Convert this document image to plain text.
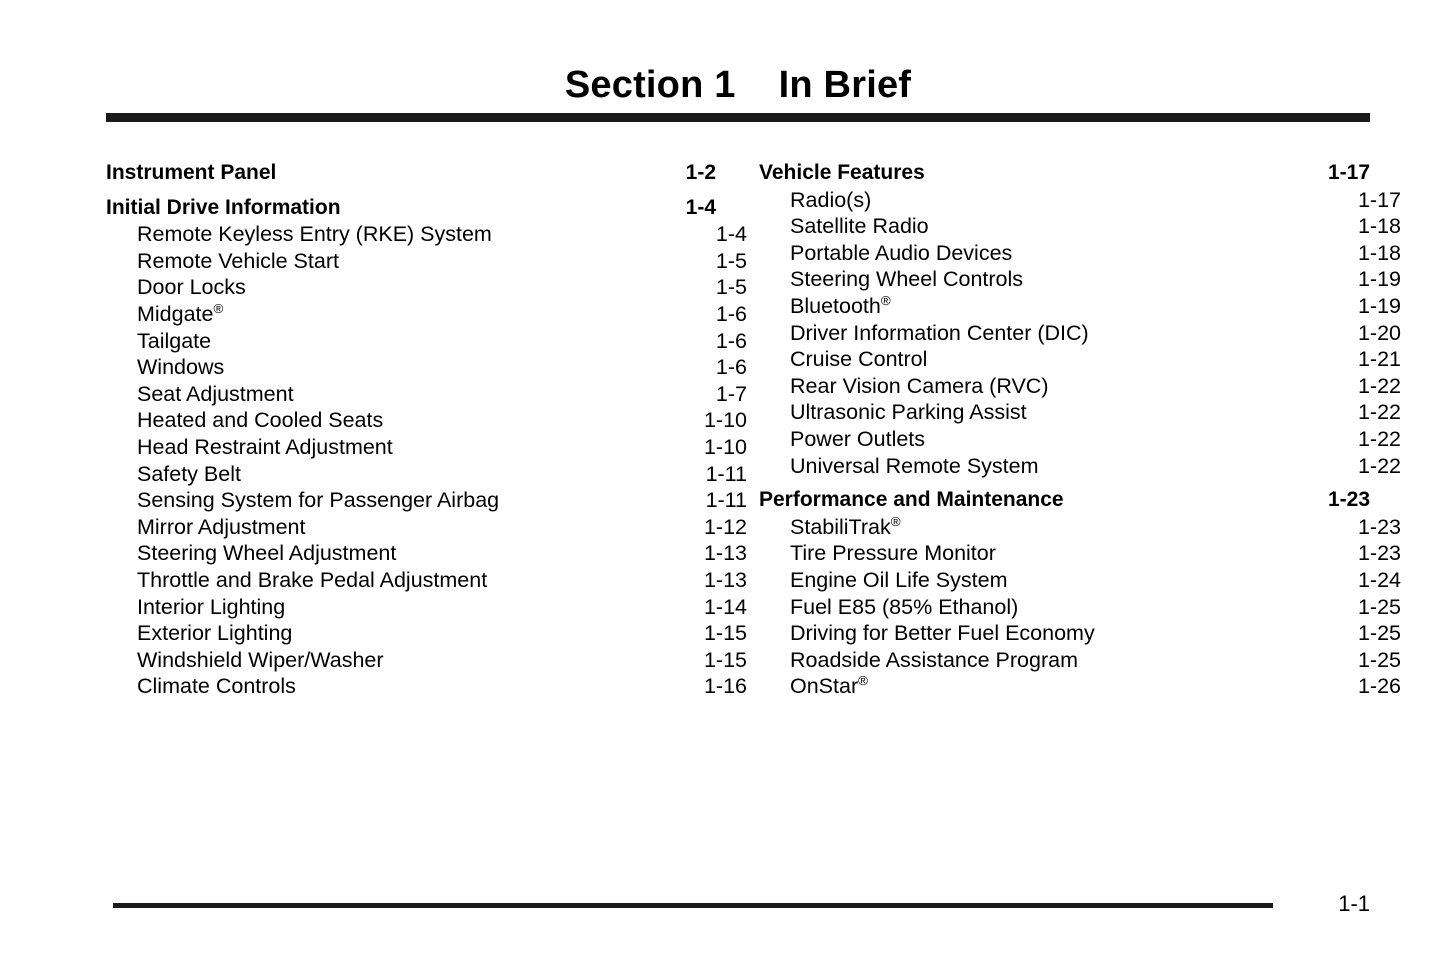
Section 1    In Brief
Instrument Panel .....	1-2
Initial Drive Information .....	1-4
Remote Keyless Entry (RKE) System .....	1-4
Remote Vehicle Start .....	1-5
Door Locks .....	1-5
Midgate® .....	1-6
Tailgate .....	1-6
Windows .....	1-6
Seat Adjustment .....	1-7
Heated and Cooled Seats .....	1-10
Head Restraint Adjustment .....	1-10
Safety Belt .....	1-11
Sensing System for Passenger Airbag .....	1-11
Mirror Adjustment .....	1-12
Steering Wheel Adjustment .....	1-13
Throttle and Brake Pedal Adjustment .....	1-13
Interior Lighting .....	1-14
Exterior Lighting .....	1-15
Windshield Wiper/Washer .....	1-15
Climate Controls .....	1-16
Vehicle Features .....	1-17
Radio(s) .....	1-17
Satellite Radio .....	1-18
Portable Audio Devices .....	1-18
Steering Wheel Controls .....	1-19
Bluetooth® .....	1-19
Driver Information Center (DIC) .....	1-20
Cruise Control .....	1-21
Rear Vision Camera (RVC) .....	1-22
Ultrasonic Parking Assist .....	1-22
Power Outlets .....	1-22
Universal Remote System .....	1-22
Performance and Maintenance .....	1-23
StabiliTrak® .....	1-23
Tire Pressure Monitor .....	1-23
Engine Oil Life System .....	1-24
Fuel E85 (85% Ethanol) .....	1-25
Driving for Better Fuel Economy .....	1-25
Roadside Assistance Program .....	1-25
OnStar® .....	1-26
1-1
